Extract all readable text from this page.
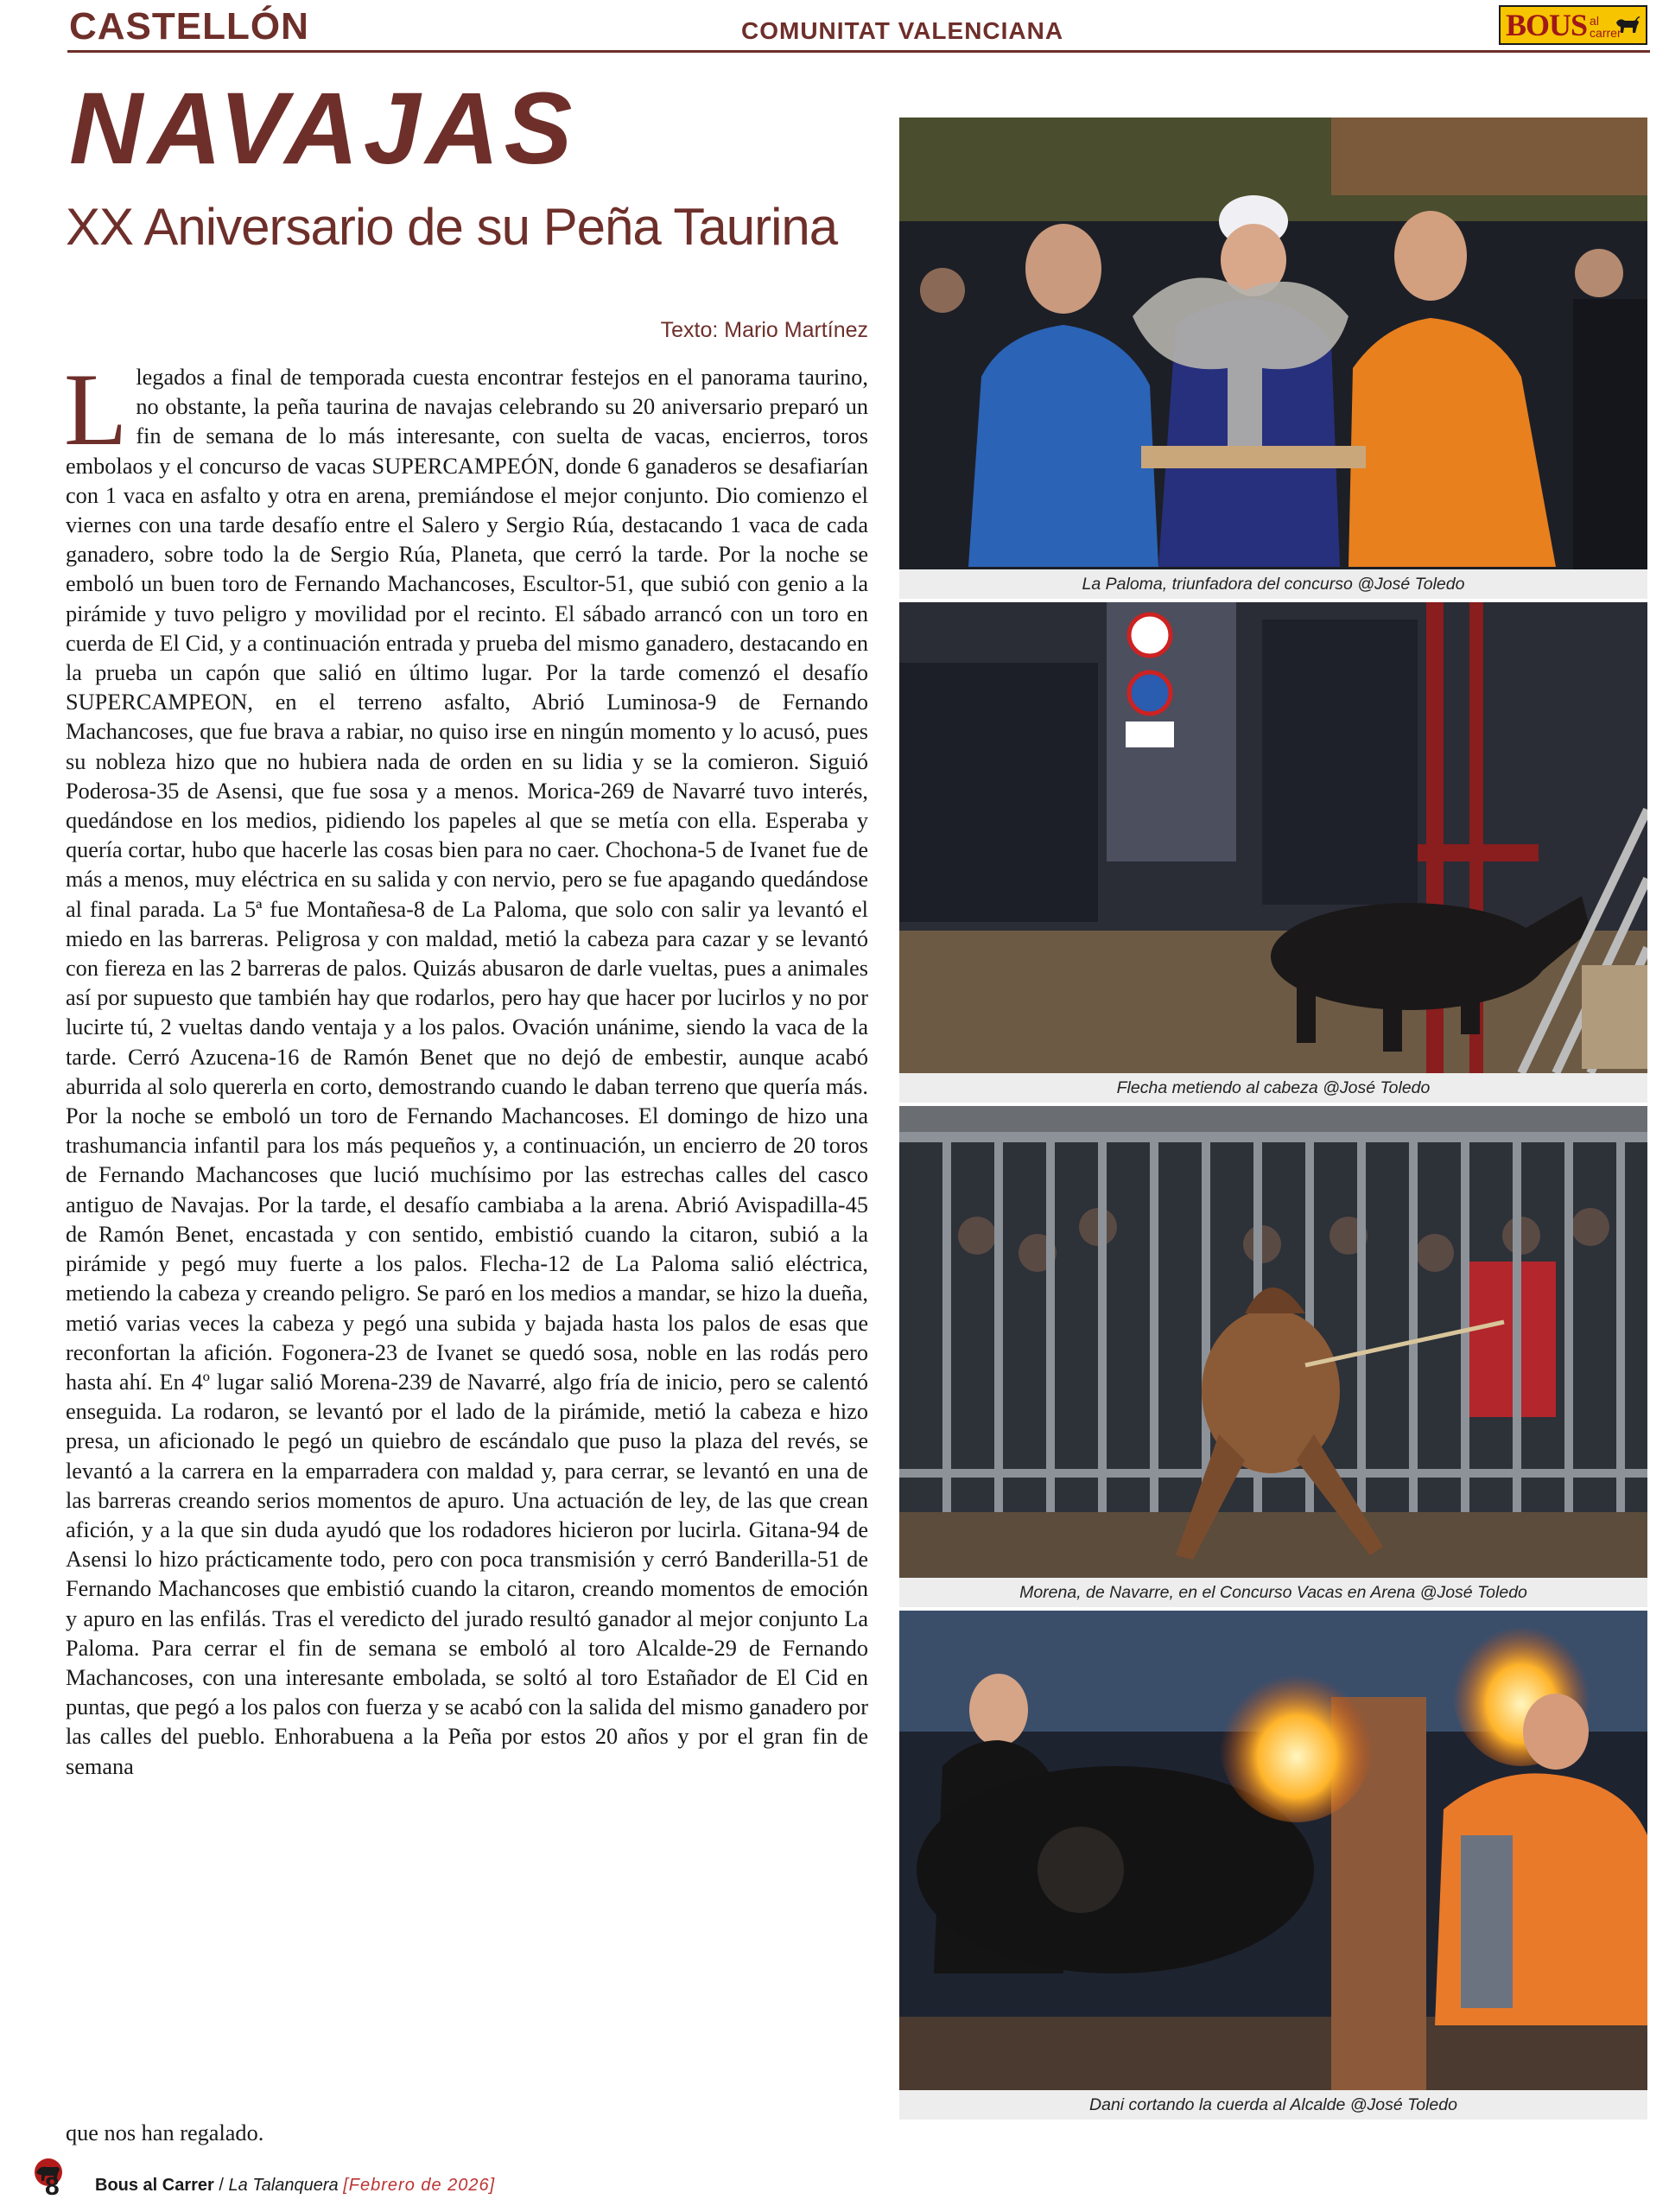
CASTELLÓN	COMUNITAT VALENCIANA	BOUS al
carrer
NAVAJAS
XX Aniversario de su Peña Taurina
Texto: Mario Martínez

Llegados a final de temporada cuesta encontrar festejos en el panorama taurino, no obstante, la peña taurina de navajas celebrando su 20 aniversario preparó un fin de semana de lo más interesante, con suelta de vacas, encierros, toros embolaos y el concurso de vacas SUPERCAMPEÓN, donde 6 ganaderos se desafiarían con 1 vaca en asfalto y otra en arena, premiándose el mejor conjunto. Dio comienzo el viernes con una tarde desafío entre el Salero y Sergio Rúa, destacando 1 vaca de cada ganadero, sobre todo la de Sergio Rúa, Planeta, que cerró la tarde. Por la noche se emboló un buen toro de Fernando Machancoses, Escultor-51, que subió con genio a la pirámide y tuvo peligro y movilidad por el recinto. El sábado arrancó con un toro en cuerda de El Cid, y a continuación entrada y prueba del mismo ganadero, destacando en la prueba un capón que salió en último lugar. Por la tarde comenzó el desafío SUPERCAMPEON, en el terreno asfalto, Abrió Luminosa-9 de Fernando Machancoses, que fue brava a rabiar, no quiso irse en ningún momento y lo acusó, pues su nobleza hizo que no hubiera nada de orden en su lidia y se la comieron. Siguió Poderosa-35 de Asensi, que fue sosa y a menos. Morica-269 de Navarré tuvo interés, quedándose en los medios, pidiendo los papeles al que se metía con ella. Esperaba y quería cortar, hubo que hacerle las cosas bien para no caer. Chochona-5 de Ivanet fue de más a menos, muy eléctrica en su salida y con nervio, pero se fue apagando quedándose al final parada. La 5ª fue Montañesa-8 de La Paloma, que solo con salir ya levantó el miedo en las barreras. Peligrosa y con maldad, metió la cabeza para cazar y se levantó con fiereza en las 2 barreras de palos. Quizás abusaron de darle vueltas, pues a animales así por supuesto que también hay que rodarlos, pero hay que hacer por lucirlos y no por lucirte tú, 2 vueltas dando ventaja y a los palos. Ovación unánime, siendo la vaca de la tarde. Cerró Azucena-16 de Ramón Benet que no dejó de embestir, aunque acabó aburrida al solo quererla en corto, demostrando cuando le daban terreno que quería más. Por la noche se emboló un toro de Fernando Machancoses. El domingo de hizo una trashumancia infantil para los más pequeños y, a continuación, un encierro de 20 toros de Fernando Machancoses que lució muchísimo por las estrechas calles del casco antiguo de Navajas. Por la tarde, el desafío cambiaba a la arena. Abrió Avispadilla-45 de Ramón Benet, encastada y con sentido, embistió cuando la citaron, subió a la pirámide y pegó muy fuerte a los palos. Flecha-12 de La Paloma salió eléctrica, metiendo la cabeza y creando peligro. Se paró en los medios a mandar, se hizo la dueña, metió varias veces la cabeza y pegó una subida y bajada hasta los palos de esas que reconfortan la afición. Fogonera-23 de Ivanet se quedó sosa, noble en las rodás pero hasta ahí. En 4º lugar salió Morena-239 de Navarré, algo fría de inicio, pero se calentó enseguida. La rodaron, se levantó por el lado de la pirámide, metió la cabeza e hizo presa, un aficionado le pegó un quiebro de escándalo que puso la plaza del revés, se levantó a la carrera en la emparradera con maldad y, para cerrar, se levantó en una de las barreras creando serios momentos de apuro. Una actuación de ley, de las que crean afición, y a la que sin duda ayudó que los rodadores hicieron por lucirla. Gitana-94 de Asensi lo hizo prácticamente todo, pero con poca transmisión y cerró Banderilla-51 de Fernando Machancoses que embistió cuando la citaron, creando momentos de emoción y apuro en las enfilás. Tras el veredicto del jurado resultó ganador al mejor conjunto La Paloma. Para cerrar el fin de semana se emboló al toro Alcalde-29 de Fernando Machancoses, con una interesante embolada, se soltó al toro Estañador de El Cid en puntas, que pegó a los palos con fuerza y se acabó con la salida del mismo ganadero por las calles del pueblo. Enhorabuena a la Peña por estos 20 años y por el gran fin de semana

que nos han regalado.
La Paloma, triunfadora del concurso @José Toledo
Flecha metiendo al cabeza @José Toledo
Morena, de Navarre, en el Concurso Vacas en Arena @José Toledo
Dani cortando la cuerda al Alcalde @José Toledo
8 Bous al Carrer / La Talanquera [Febrero de 2026]
